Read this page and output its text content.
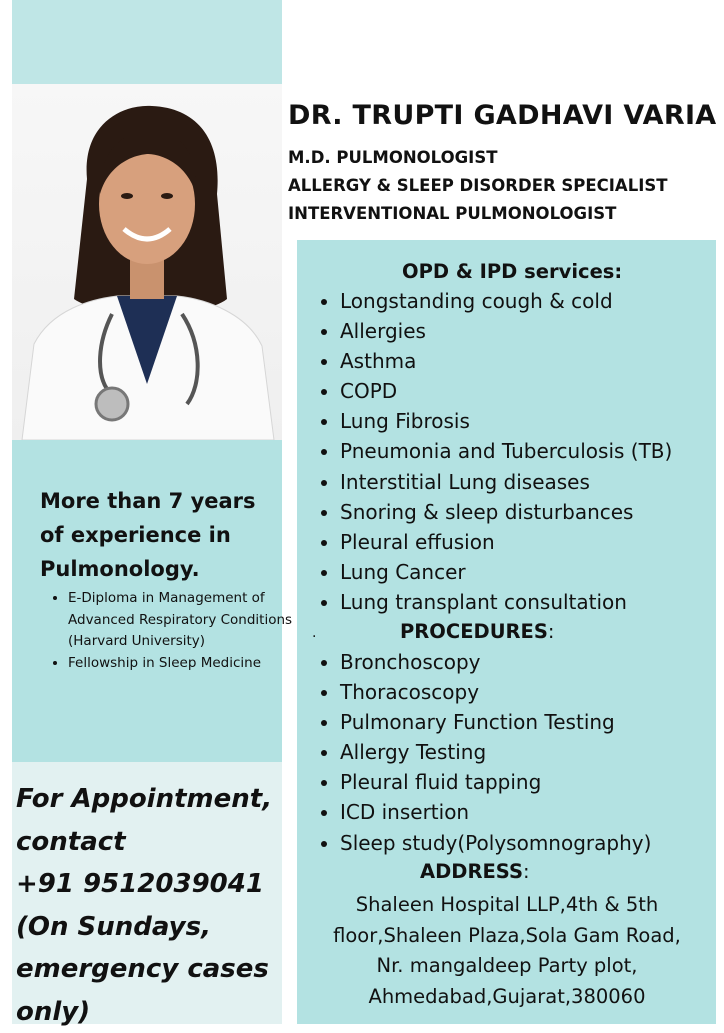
DR. TRUPTI GADHAVI VARIA
M.D. PULMONOLOGIST
ALLERGY & SLEEP DISORDER SPECIALIST
INTERVENTIONAL PULMONOLOGIST
More than 7 years of experience in Pulmonology.
• E-Diploma in Management of Advanced Respiratory Conditions (Harvard University)
• Fellowship in Sleep Medicine
For Appointment,
contact
+91 9512039041
(On Sundays,
emergency cases
only)
OPD & IPD services:
• Longstanding cough & cold
• Allergies
• Asthma
• COPD
• Lung Fibrosis
• Pneumonia and Tuberculosis (TB)
• Interstitial Lung diseases
• Snoring & sleep disturbances
• Pleural effusion
• Lung Cancer
• Lung transplant consultation
.	PROCEDURES:
• Bronchoscopy
• Thoracoscopy
• Pulmonary Function Testing
• Allergy Testing
• Pleural fluid tapping
• ICD insertion
• Sleep study(Polysomnography)
ADDRESS:
Shaleen Hospital LLP,4th & 5th
floor,Shaleen Plaza,Sola Gam Road,
Nr. mangaldeep Party plot,
Ahmedabad,Gujarat,380060
